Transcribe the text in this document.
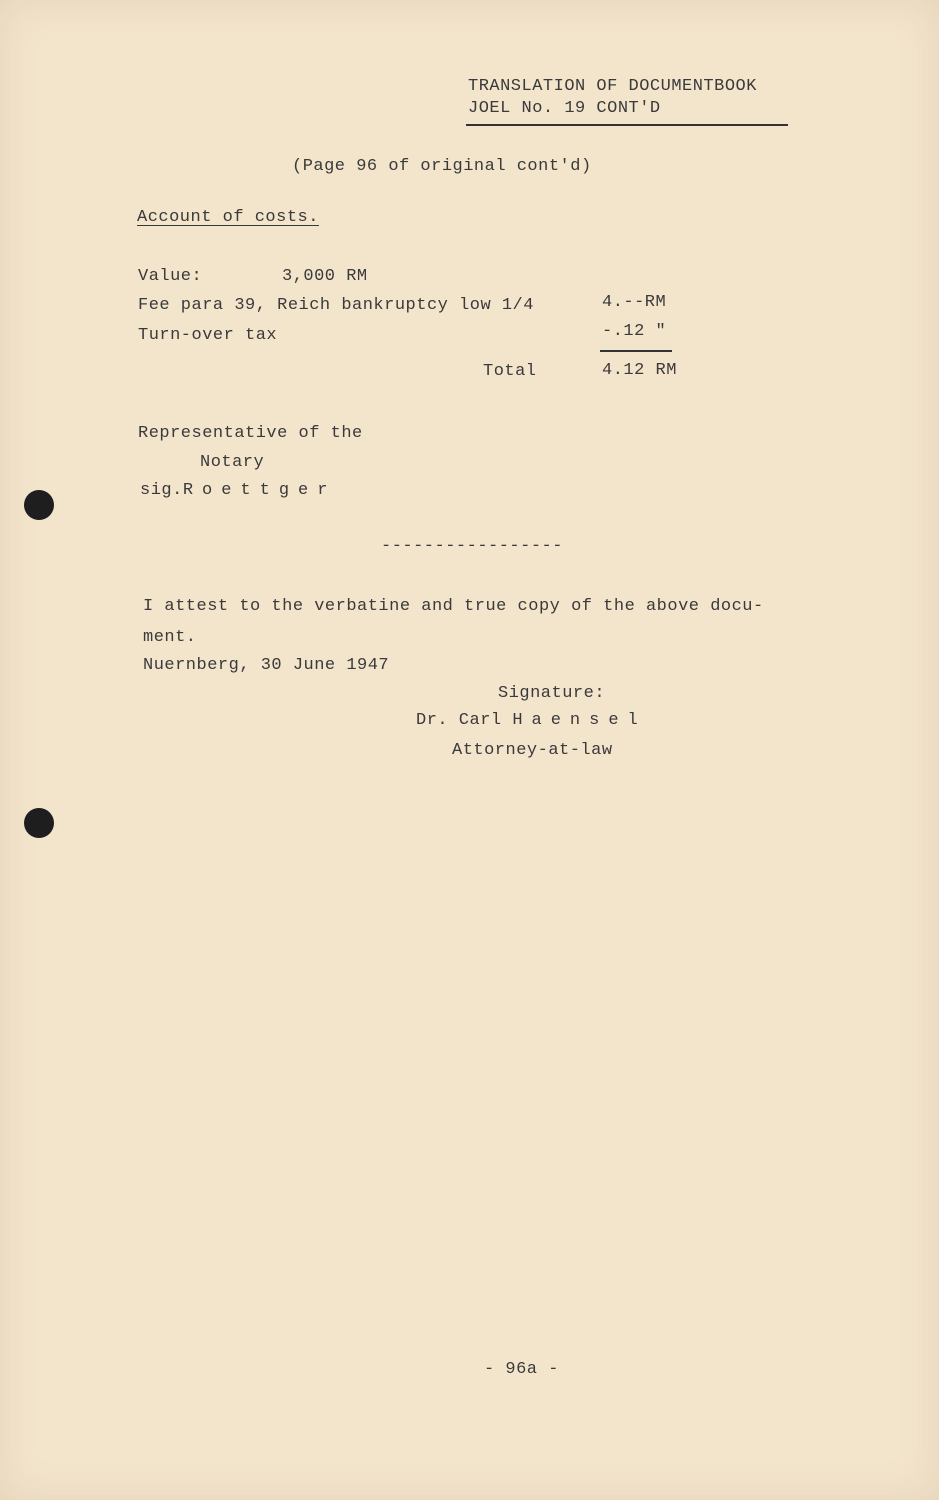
TRANSLATION OF DOCUMENTBOOK
JOEL No. 19 CONT'D
(Page 96 of original cont'd)
Account of costs.
Value:	3,000 RM
Fee para 39, Reich bankruptcy low 1/4	4.--RM
Turn-over tax	-.12 "
Total	4.12 RM
Representative of the
Notary
sig.Roettger
-----------------
I attest to the verbatine and true copy of the above docu-
ment.
Nuernberg, 30 June 1947
Signature:
Dr. Carl Haensel
Attorney-at-law
- 96a -
